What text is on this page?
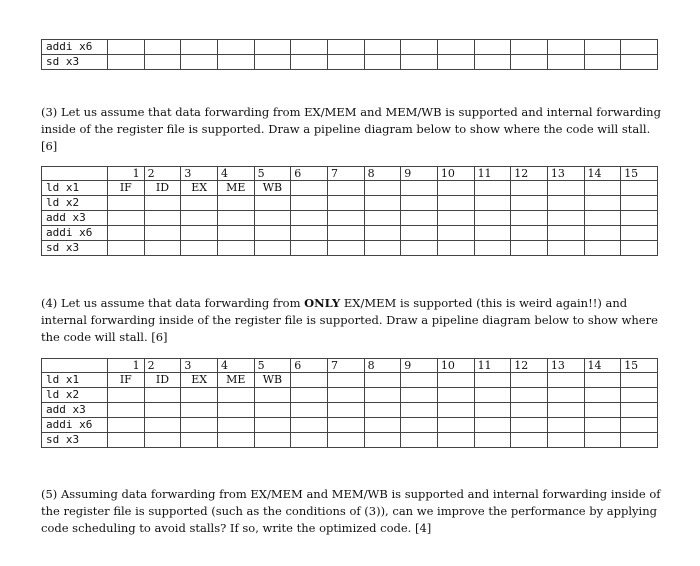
addi x6															
sd x3															
(3) Let us assume that data forwarding from EX/MEM and MEM/WB is supported and internal forwarding inside of the register file is supported. Draw a pipeline diagram below to show where the code will stall. [6]
	1	2	3	4	5	6	7	8	9	10	11	12	13	14	15
ld x1	IF	ID	EX	ME	WB										
ld x2															
add x3															
addi x6															
sd x3															
(4) Let us assume that data forwarding from ONLY EX/MEM is supported (this is weird again!!) and internal forwarding inside of the register file is supported. Draw a pipeline diagram below to show where the code will stall. [6]
	1	2	3	4	5	6	7	8	9	10	11	12	13	14	15
ld x1	IF	ID	EX	ME	WB										
ld x2															
add x3															
addi x6															
sd x3															
(5) Assuming data forwarding from EX/MEM and MEM/WB is supported and internal forwarding inside of the register file is supported (such as the conditions of (3)), can we improve the performance by applying code scheduling to avoid stalls? If so, write the optimized code. [4]
